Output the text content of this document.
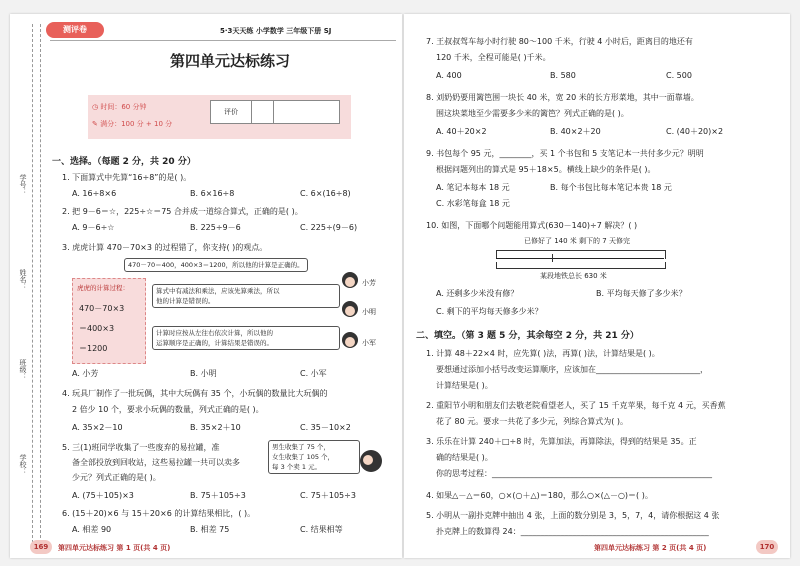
学号：
姓名：
班级：
学校：
测评卷	5·3天天练 小学数学 三年级下册 SJ
第四单元达标练习
◷ 时间：60 分钟
✎ 满分：100 分 + 10 分
评价
一、选择。（每题 2 分，共 20 分）
1. 下面算式中先算“16÷8”的是( )。
A. 16÷8×6	B. 6×16÷8	C. 6×(16÷8)
2. 把 9－6＝☆，225÷☆＝75 合并成一道综合算式，正确的是( )。
A. 9－6÷☆	B. 225÷9－6	C. 225÷(9－6)
3. 虎虎计算 470－70×3 的过程错了，你支持( )的观点。
虎虎的计算过程：
470－70×3
＝400×3
＝1200
470－70＝400，400×3＝1200，所以他的计算是正确的。
算式中有减法和乘法，应该先算乘法，所以
他的计算是错误的。
计算时应按从左往右依次计算，所以他的
运算顺序是正确的，计算结果是错误的。
小芳
小明
小军
A. 小芳	B. 小明	C. 小军
4. 玩具厂制作了一批玩偶，其中大玩偶有 35 个，小玩偶的数量比大玩偶的
2 倍少 10 个，要求小玩偶的数量，列式正确的是( )。
A. 35×2－10	B. 35×2＋10	C. 35－10×2
5. 三(1)班同学收集了一些废弃的易拉罐，准
备全部投放到回收站，这些易拉罐一共可以卖多
少元？列式正确的是( )。
男生收集了 75 个，
女生收集了 105 个，
每 3 个卖 1 元。
A. (75＋105)×3	B. 75＋105÷3	C. 75＋105÷3
6. (15＋20)×6 与 15＋20×6 的计算结果相比，( )。
A. 相差 90	B. 相差 75	C. 结果相等
169	第四单元达标练习 第 1 页(共 4 页)
7. 王叔叔驾车每小时行驶 80～100 千米，行驶 4 小时后，距离目的地还有
120 千米，全程可能是( )千米。
A. 400	B. 580	C. 500
8. 刘奶奶要用篱笆围一块长 40 米，宽 20 米的长方形菜地，其中一面靠墙。
围这块菜地至少需要多少米的篱笆？列式正确的是( )。
A. 40＋20×2	B. 40×2＋20	C. (40＋20)×2
9. 书包每个 95 元，________，买 1 个书包和 5 支笔记本一共付多少元？明明
根据问题列出的算式是 95＋18×5。横线上缺少的条件是( )。
A. 笔记本每本 18 元	B. 每个书包比每本笔记本贵 18 元
C. 水彩笔每盒 18 元
10. 如图，下面哪个问题能用算式(630－140)÷7 解决？( )
已修好了 140 米 剩下的 7 天修完
某段地铁总长 630 米
A. 还剩多少米没有修？	B. 平均每天修了多少米？
C. 剩下的平均每天修多少米？
二、填空。（第 3 题 5 分，其余每空 2 分，共 21 分）
1. 计算 48＋22×4 时，应先算( )法，再算( )法，计算结果是( )。
要想通过添加小括号改变运算顺序，应该加在__________________________，
计算结果是( )。
2. 重阳节小明和朋友们去敬老院看望老人，买了 15 千克苹果，每千克 4 元，买香蕉
花了 80 元。要求一共花了多少元，列综合算式为( )。
3. 乐乐在计算 240＋□÷8 时，先算加法，再算除法，得到的结果是 35。正
确的结果是( )。
你的思考过程：_______________________________________________________
4. 如果△－△＝60，○×(○＋△)＝180，那么○×(△－○)＝( )。
5. 小明从一副扑克牌中抽出 4 张，上面的数分别是 3，5，7，4，请你根据这 4 张
扑克牌上的数算得 24：_______________________________________________
第四单元达标练习 第 2 页(共 4 页)	170
